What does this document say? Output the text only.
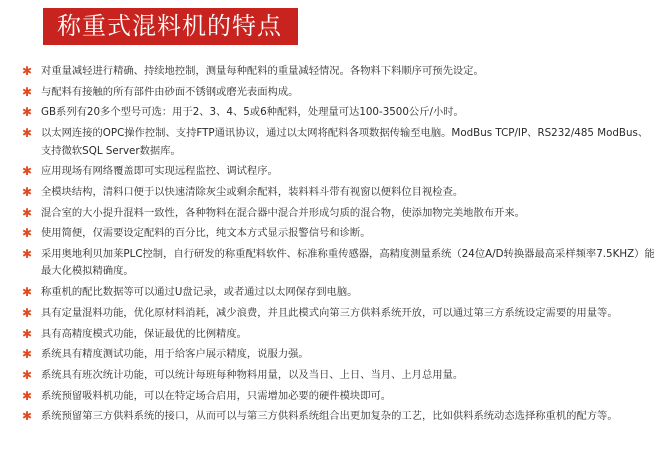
称重式混料机的特点
✱ 对重量减轻进行精确、持续地控制，测量每种配料的重量减轻情况。各物料下料顺序可预先设定。
✱ 与配料有接触的所有部件由砂面不锈钢或磨光表面构成。
✱ GB系列有20多个型号可选：用于2、3、4、5或6种配料，处理量可达100-3500公斤/小时。
✱ 以太网连接的OPC操作控制、支持FTP通讯协议，通过以太网将配料各项数据传输至电脑。ModBus TCP/IP、RS232/485 ModBus、支持微软SQL Server数据库。
✱ 应用现场有网络覆盖即可实现远程监控、调试程序。
✱ 全模块结构，清料口便于以快速清除灰尘或剩余配料，装料料斗带有视窗以便料位目视检查。
✱ 混合室的大小提升混料一致性，各种物料在混合器中混合并形成匀质的混合物，使添加物完美地散布开来。
✱ 使用简便，仅需要设定配料的百分比，纯文本方式显示报警信号和诊断。
✱ 采用奥地利贝加莱PLC控制，自行研发的称重配料软件、标准称重传感器，高精度测量系统（24位A/D转换器最高采样频率7.5KHZ）能最大化模拟精确度。
✱ 称重机的配比数据等可以通过U盘记录，或者通过以太网保存到电脑。
✱ 具有定量混料功能，优化原材料消耗，减少浪费，并且此模式向第三方供料系统开放，可以通过第三方系统设定需要的用量等。
✱ 具有高精度模式功能，保证最优的比例精度。
✱ 系统具有精度测试功能，用于给客户展示精度，说服力强。
✱ 系统具有班次统计功能，可以统计每班每种物料用量，以及当日、上日、当月、上月总用量。
✱ 系统预留吸料机功能，可以在特定场合启用，只需增加必要的硬件模块即可。
✱ 系统预留第三方供料系统的接口，从而可以与第三方供料系统组合出更加复杂的工艺，比如供料系统动态选择称重机的配方等。
